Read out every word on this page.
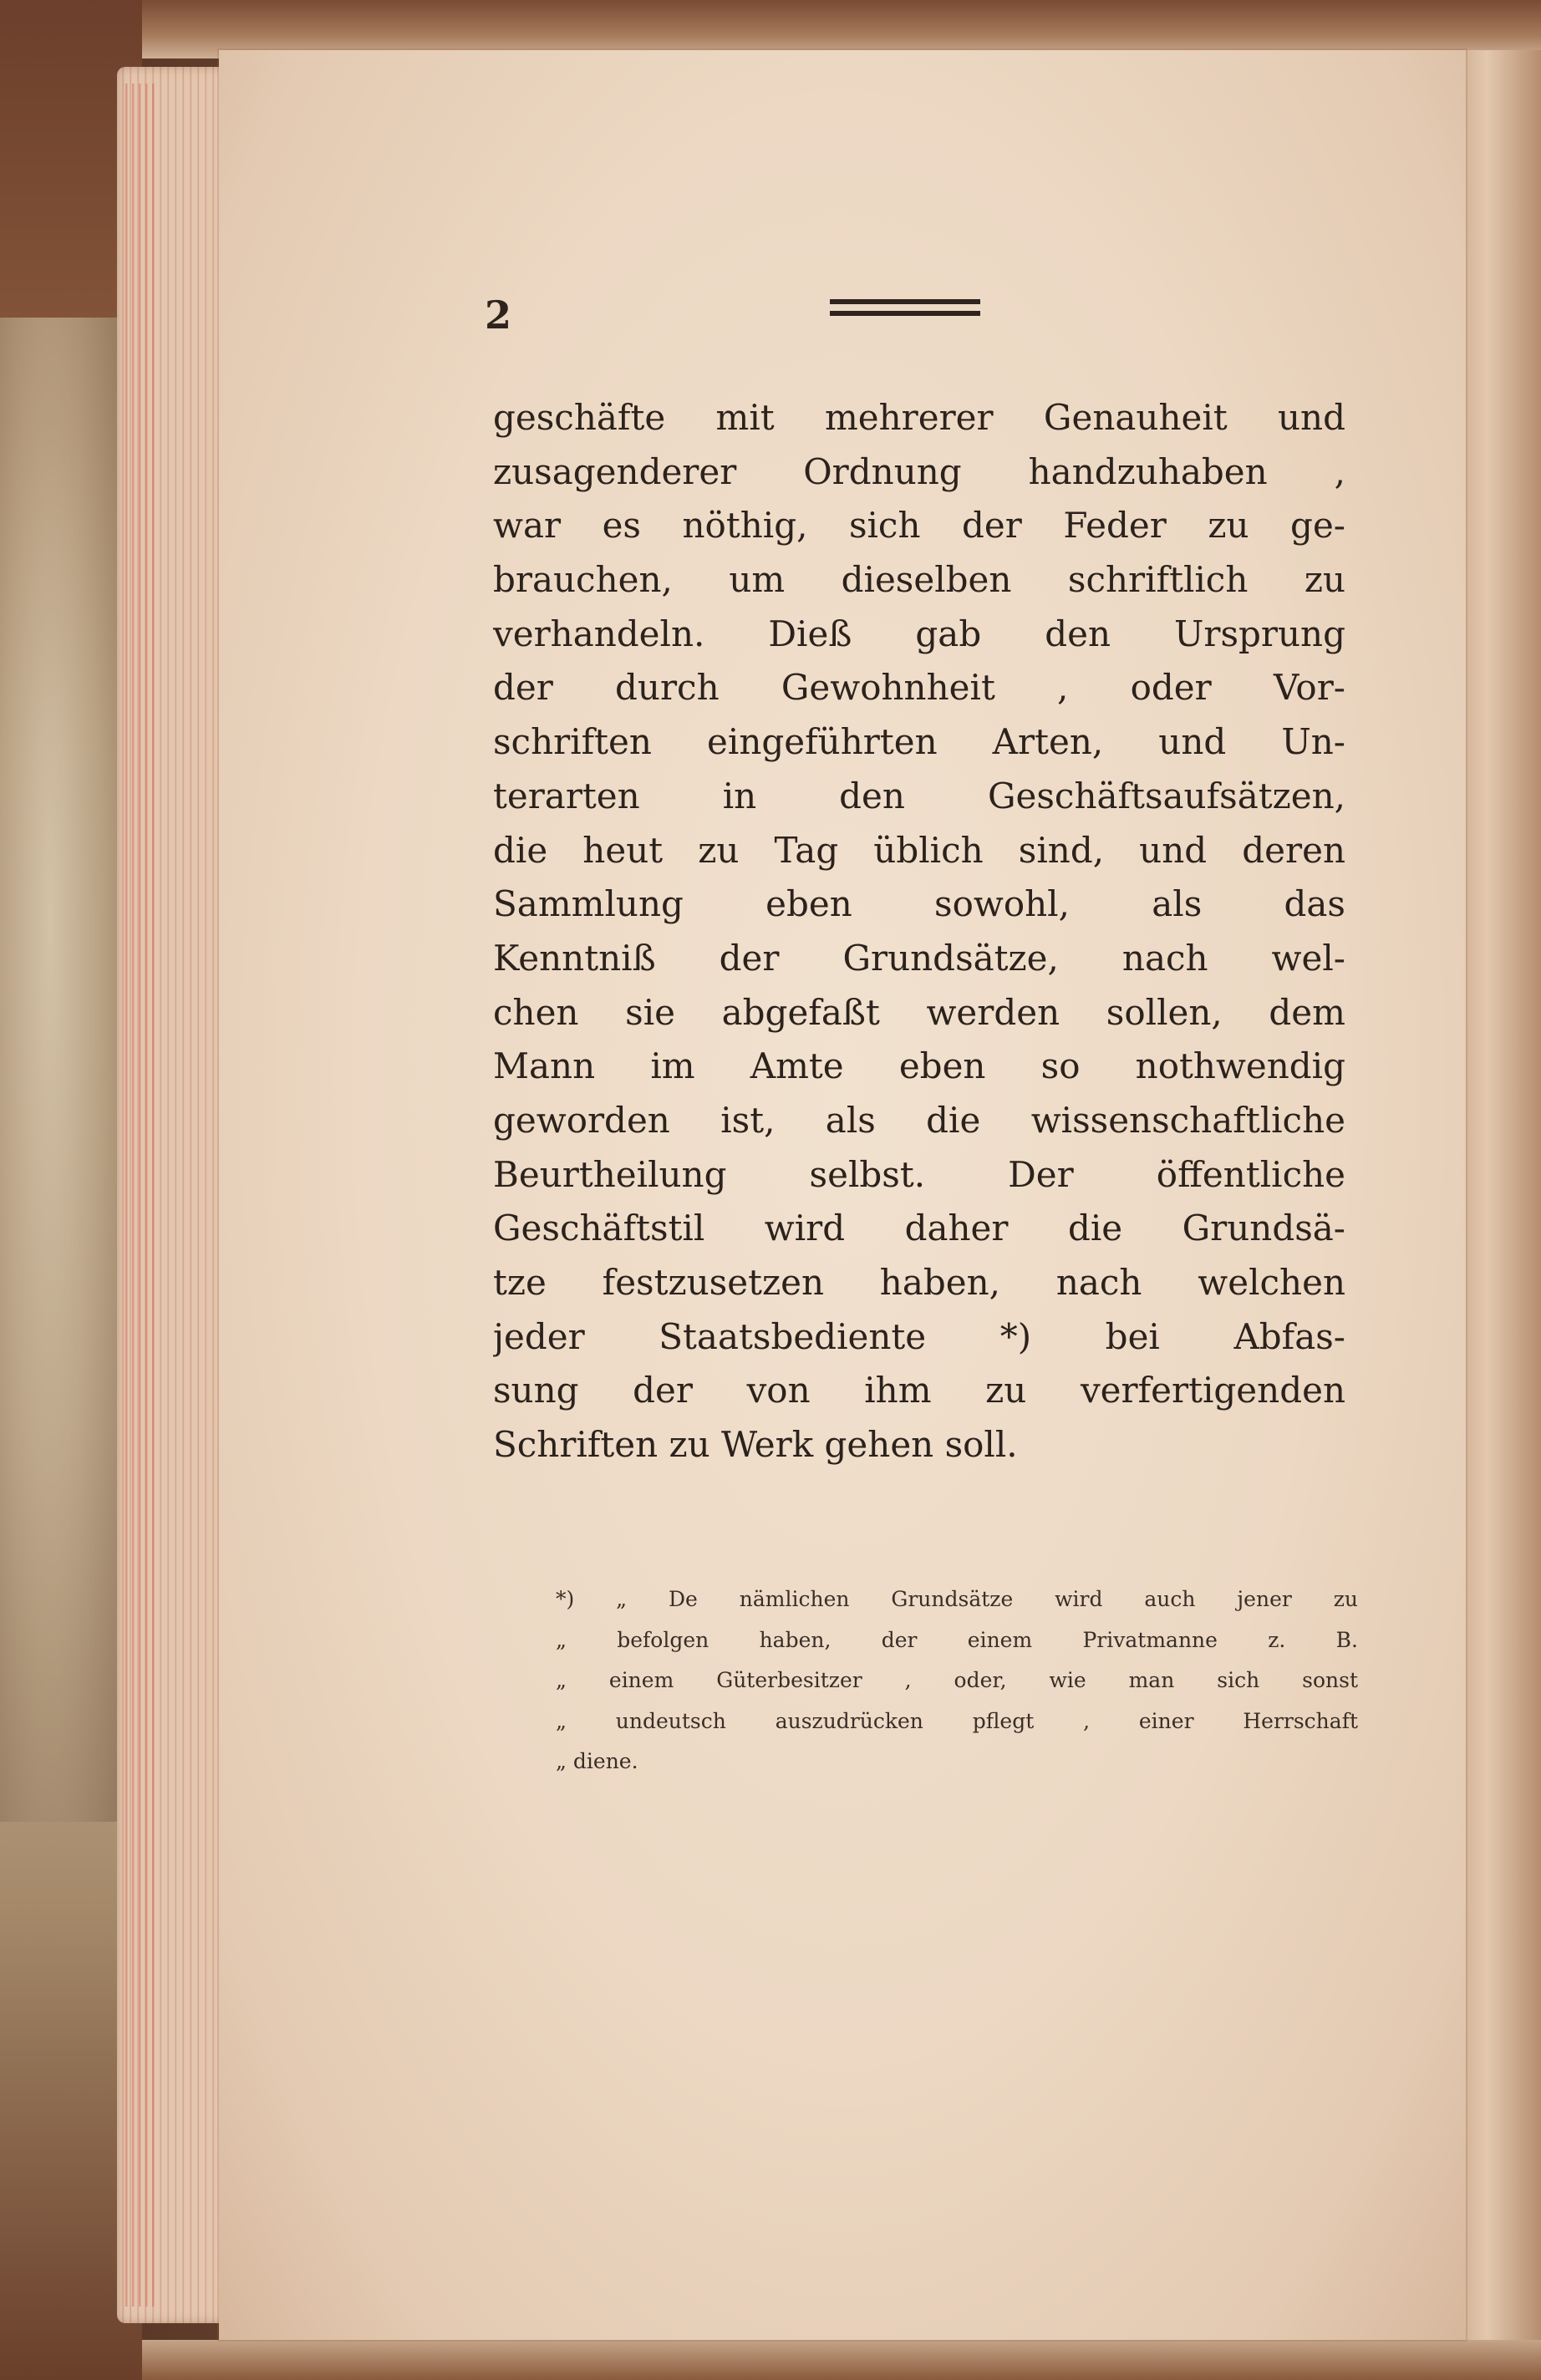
2
geschäfte mit mehrerer Genauheit und
zusagenderer Ordnung handzuhaben ,
war es nöthig, sich der Feder zu ge-
brauchen, um dieselben schriftlich zu
verhandeln. Dieß gab den Ursprung
der durch Gewohnheit , oder Vor-
schriften eingeführten Arten, und Un-
terarten in den Geschäftsaufsätzen,
die heut zu Tag üblich sind, und deren
Sammlung eben sowohl, als das
Kenntniß der Grundsätze, nach wel-
chen sie abgefaßt werden sollen, dem
Mann im Amte eben so nothwendig
geworden ist, als die wissenschaftliche
Beurtheilung selbst. Der öffentliche
Geschäftstil wird daher die Grundsä-
tze festzusetzen haben, nach welchen
jeder Staatsbediente *) bei Abfas-
sung der von ihm zu verfertigenden
Schriften zu Werk gehen soll.
*) „ De nämlichen Grundsätze wird auch jener zu
„ befolgen haben, der einem Privatmanne z. B.
„ einem Güterbesitzer , oder, wie man sich sonst
„ undeutsch auszudrücken pflegt , einer Herrschaft
„ diene.
